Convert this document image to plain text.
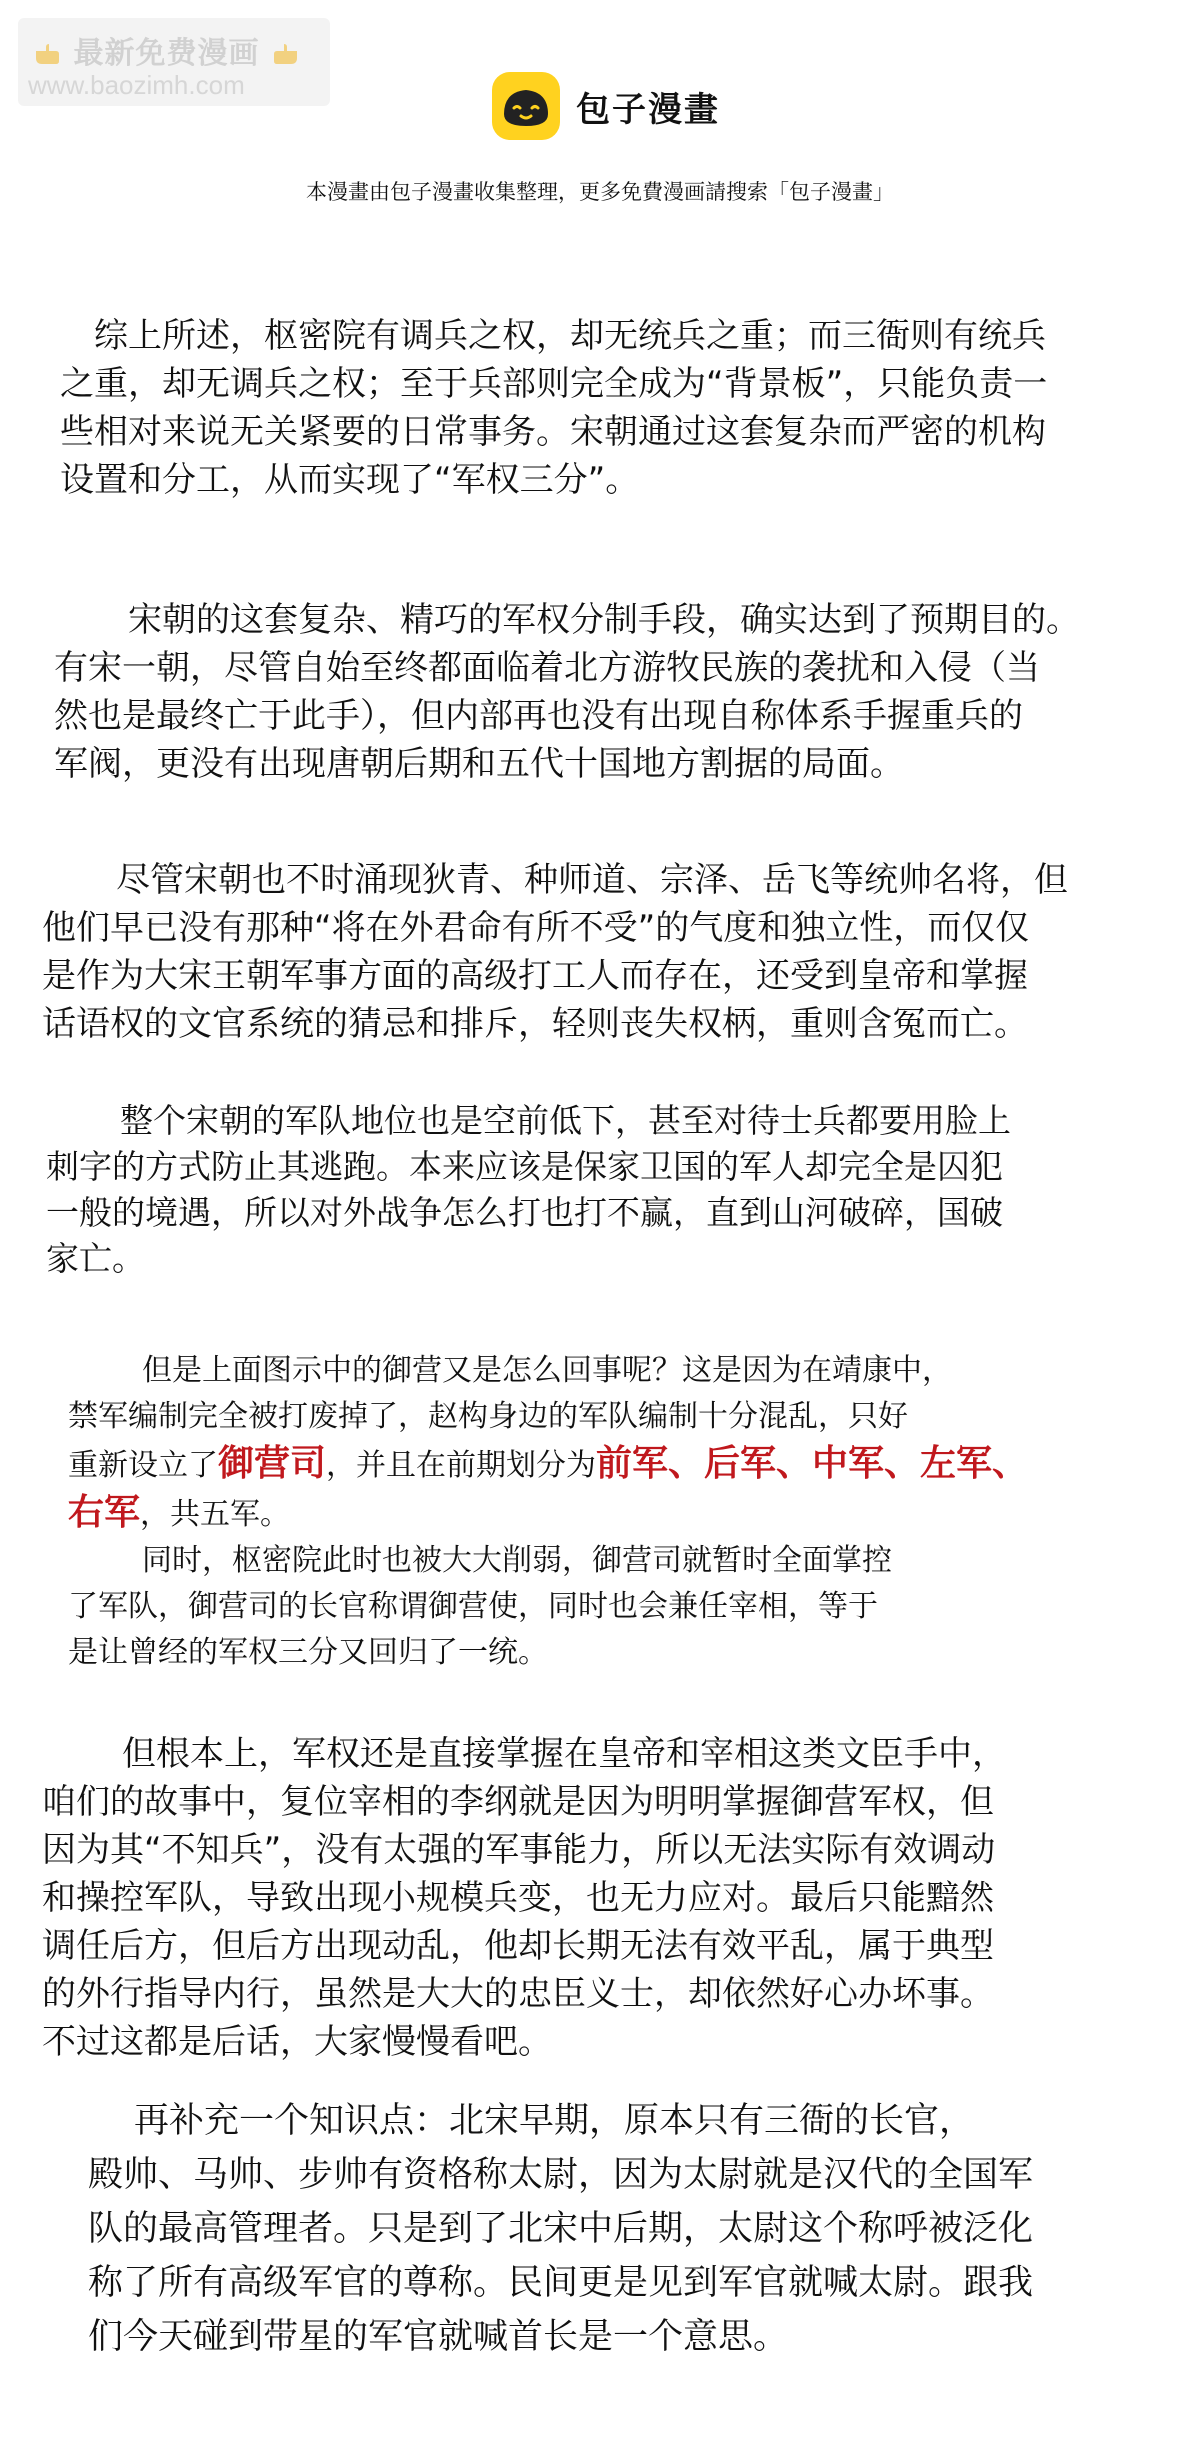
最新免费漫画
www.baozimh.com
包子漫畫
本漫畫由包子漫畫收集整理，更多免費漫画請搜索「包子漫畫」
综上所述，枢密院有调兵之权，却无统兵之重；而三衙则有统兵
之重，却无调兵之权；至于兵部则完全成为“背景板”，只能负责一
些相对来说无关紧要的日常事务。宋朝通过这套复杂而严密的机构
设置和分工，从而实现了“军权三分”。
宋朝的这套复杂、精巧的军权分制手段，确实达到了预期目的。
有宋一朝，尽管自始至终都面临着北方游牧民族的袭扰和入侵（当
然也是最终亡于此手），但内部再也没有出现自称体系手握重兵的
军阀，更没有出现唐朝后期和五代十国地方割据的局面。
尽管宋朝也不时涌现狄青、种师道、宗泽、岳飞等统帅名将，但
他们早已没有那种“将在外君命有所不受”的气度和独立性，而仅仅
是作为大宋王朝军事方面的高级打工人而存在，还受到皇帝和掌握
话语权的文官系统的猜忌和排斥，轻则丧失权柄，重则含冤而亡。
整个宋朝的军队地位也是空前低下，甚至对待士兵都要用脸上
刺字的方式防止其逃跑。本来应该是保家卫国的军人却完全是囚犯
一般的境遇，所以对外战争怎么打也打不赢，直到山河破碎，国破
家亡。
但是上面图示中的御营又是怎么回事呢？这是因为在靖康中，
禁军编制完全被打废掉了，赵构身边的军队编制十分混乱，只好
重新设立了御营司，并且在前期划分为前军、后军、中军、左军、
右军，共五军。
同时，枢密院此时也被大大削弱，御营司就暂时全面掌控
了军队，御营司的长官称谓御营使，同时也会兼任宰相，等于
是让曾经的军权三分又回归了一统。
但根本上，军权还是直接掌握在皇帝和宰相这类文臣手中，
咱们的故事中，复位宰相的李纲就是因为明明掌握御营军权，但
因为其“不知兵”，没有太强的军事能力，所以无法实际有效调动
和操控军队，导致出现小规模兵变，也无力应对。最后只能黯然
调任后方，但后方出现动乱，他却长期无法有效平乱，属于典型
的外行指导内行，虽然是大大的忠臣义士，却依然好心办坏事。
不过这都是后话，大家慢慢看吧。
再补充一个知识点：北宋早期，原本只有三衙的长官，
殿帅、马帅、步帅有资格称太尉，因为太尉就是汉代的全国军
队的最高管理者。只是到了北宋中后期，太尉这个称呼被泛化
称了所有高级军官的尊称。民间更是见到军官就喊太尉。跟我
们今天碰到带星的军官就喊首长是一个意思。
